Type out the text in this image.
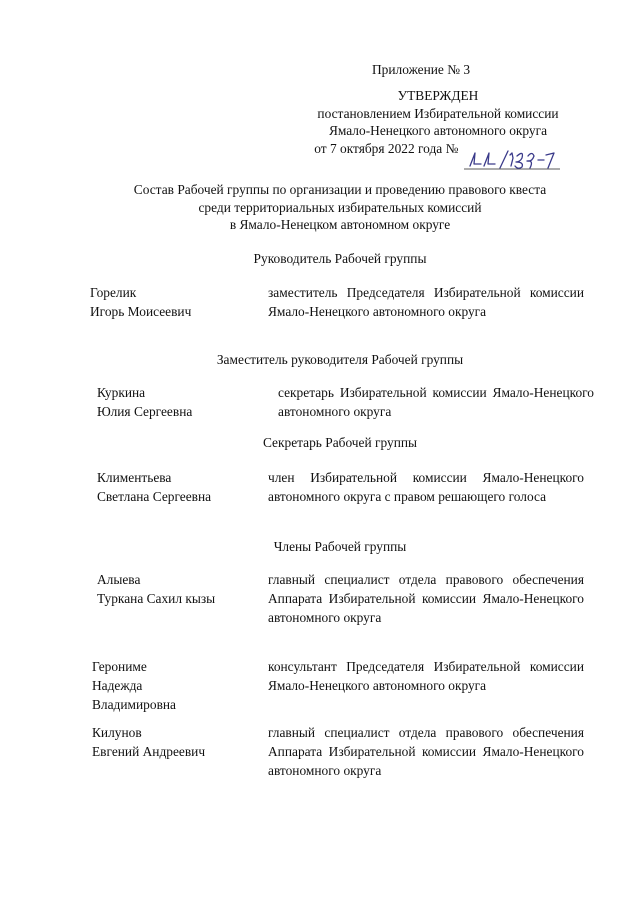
Приложение № 3
УТВЕРЖДЕН
постановлением Избирательной комиссии
Ямало-Ненецкого автономного округа
от 7 октября 2022 года №
Состав Рабочей группы по организации и проведению правового квеста
среди территориальных избирательных комиссий
в Ямало-Ненецком автономном округе
Руководитель Рабочей группы
Горелик
Игорь Моисеевич
заместитель Председателя Избирательной комиссии Ямало-Ненецкого автономного округа
Заместитель руководителя Рабочей группы
Куркина
Юлия Сергеевна
секретарь Избирательной комиссии Ямало-Ненецкого автономного округа
Секретарь Рабочей группы
Климентьева
Светлана Сергеевна
член Избирательной комиссии Ямало-Ненецкого автономного округа с правом решающего голоса
Члены Рабочей группы
Алыева
Туркана Сахил кызы
главный специалист отдела правового обеспечения Аппарата Избирательной комиссии Ямало-Ненецкого автономного округа
Герониме
Надежда
Владимировна
консультант Председателя Избирательной комиссии Ямало-Ненецкого автономного округа
Килунов
Евгений Андреевич
главный специалист отдела правового обеспечения Аппарата Избирательной комиссии Ямало-Ненецкого автономного округа
